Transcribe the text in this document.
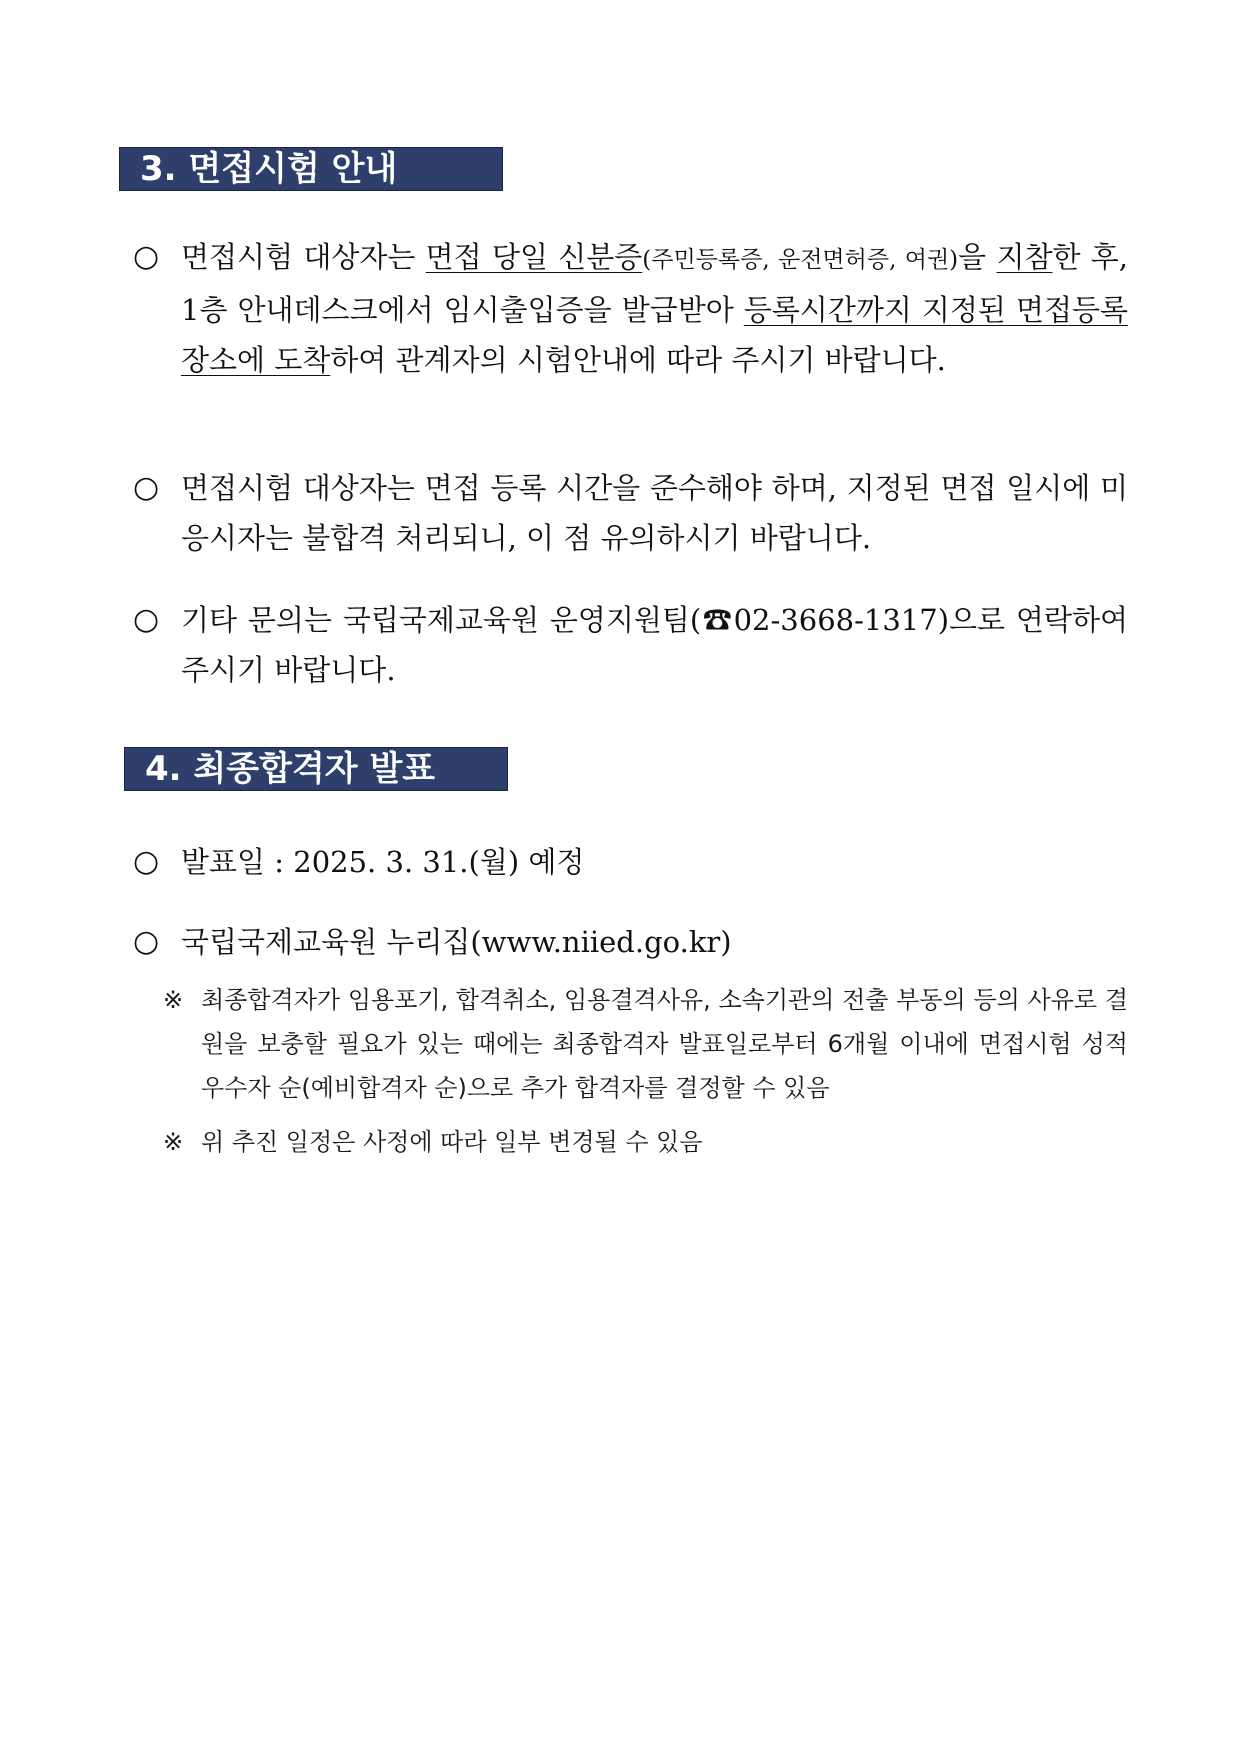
3. 면접시험 안내
○ 면접시험 대상자는 면접 당일 신분증(주민등록증, 운전면허증, 여권)을 지참한 후, 1층 안내데스크에서 임시출입증을 발급받아 등록시간까지 지정된 면접등록 장소에 도착하여 관계자의 시험안내에 따라 주시기 바랍니다.
○ 면접시험 대상자는 면접 등록 시간을 준수해야 하며, 지정된 면접 일시에 미응시자는 불합격 처리되니, 이 점 유의하시기 바랍니다.
○ 기타 문의는 국립국제교육원 운영지원팀(☎02-3668-1317)으로 연락하여 주시기 바랍니다.
4. 최종합격자 발표
○ 발표일 : 2025. 3. 31.(월) 예정
○ 국립국제교육원 누리집(www.niied.go.kr)
※ 최종합격자가 임용포기, 합격취소, 임용결격사유, 소속기관의 전출 부동의 등의 사유로 결원을 보충할 필요가 있는 때에는 최종합격자 발표일로부터 6개월 이내에 면접시험 성적 우수자 순(예비합격자 순)으로 추가 합격자를 결정할 수 있음
※ 위 추진 일정은 사정에 따라 일부 변경될 수 있음
